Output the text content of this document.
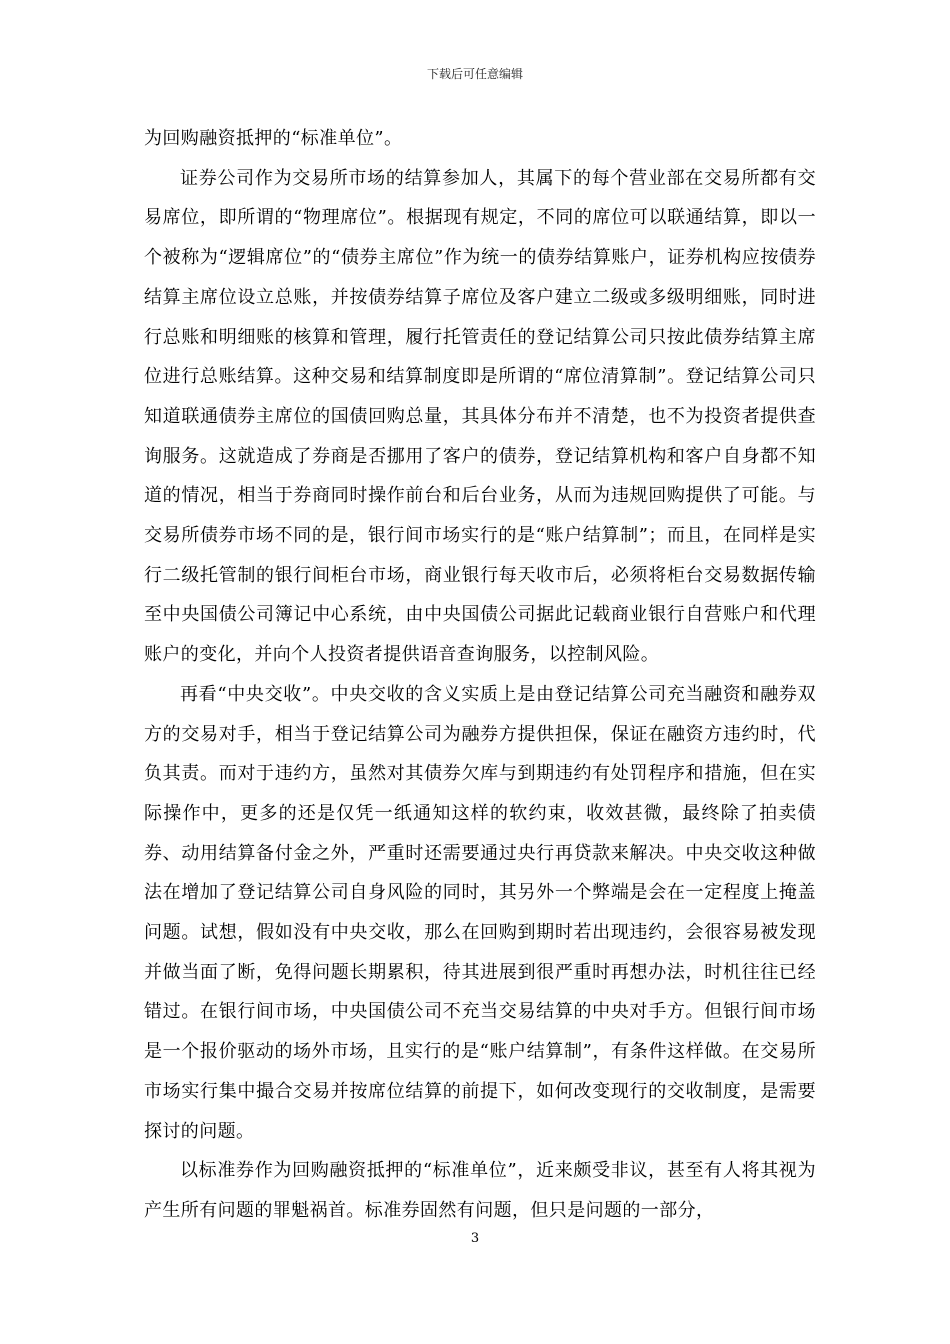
下载后可任意编辑

为回购融资抵押的“标准单位”。

证券公司作为交易所市场的结算参加人，其属下的每个营业部在交易所都有交易席位，即所谓的“物理席位”。根据现有规定，不同的席位可以联通结算，即以一个被称为“逻辑席位”的“债券主席位”作为统一的债券结算账户，证券机构应按债券结算主席位设立总账，并按债券结算子席位及客户建立二级或多级明细账，同时进行总账和明细账的核算和管理，履行托管责任的登记结算公司只按此债券结算主席位进行总账结算。这种交易和结算制度即是所谓的“席位清算制”。登记结算公司只知道联通债券主席位的国债回购总量，其具体分布并不清楚，也不为投资者提供查询服务。这就造成了券商是否挪用了客户的债券，登记结算机构和客户自身都不知道的情况，相当于券商同时操作前台和后台业务，从而为违规回购提供了可能。与交易所债券市场不同的是，银行间市场实行的是“账户结算制”；而且，在同样是实行二级托管制的银行间柜台市场，商业银行每天收市后，必须将柜台交易数据传输至中央国债公司簿记中心系统，由中央国债公司据此记载商业银行自营账户和代理账户的变化，并向个人投资者提供语音查询服务，以控制风险。

再看“中央交收”。中央交收的含义实质上是由登记结算公司充当融资和融券双方的交易对手，相当于登记结算公司为融券方提供担保，保证在融资方违约时，代负其责。而对于违约方，虽然对其债券欠库与到期违约有处罚程序和措施，但在实际操作中，更多的还是仅凭一纸通知这样的软约束，收效甚微，最终除了拍卖债券、动用结算备付金之外，严重时还需要通过央行再贷款来解决。中央交收这种做法在增加了登记结算公司自身风险的同时，其另外一个弊端是会在一定程度上掩盖问题。试想，假如没有中央交收，那么在回购到期时若出现违约，会很容易被发现并做当面了断，免得问题长期累积，待其进展到很严重时再想办法，时机往往已经错过。在银行间市场，中央国债公司不充当交易结算的中央对手方。但银行间市场是一个报价驱动的场外市场，且实行的是“账户结算制”，有条件这样做。在交易所市场实行集中撮合交易并按席位结算的前提下，如何改变现行的交收制度，是需要探讨的问题。

以标准券作为回购融资抵押的“标准单位”，近来颇受非议，甚至有人将其视为产生所有问题的罪魁祸首。标准券固然有问题，但只是问题的一部分，

3
